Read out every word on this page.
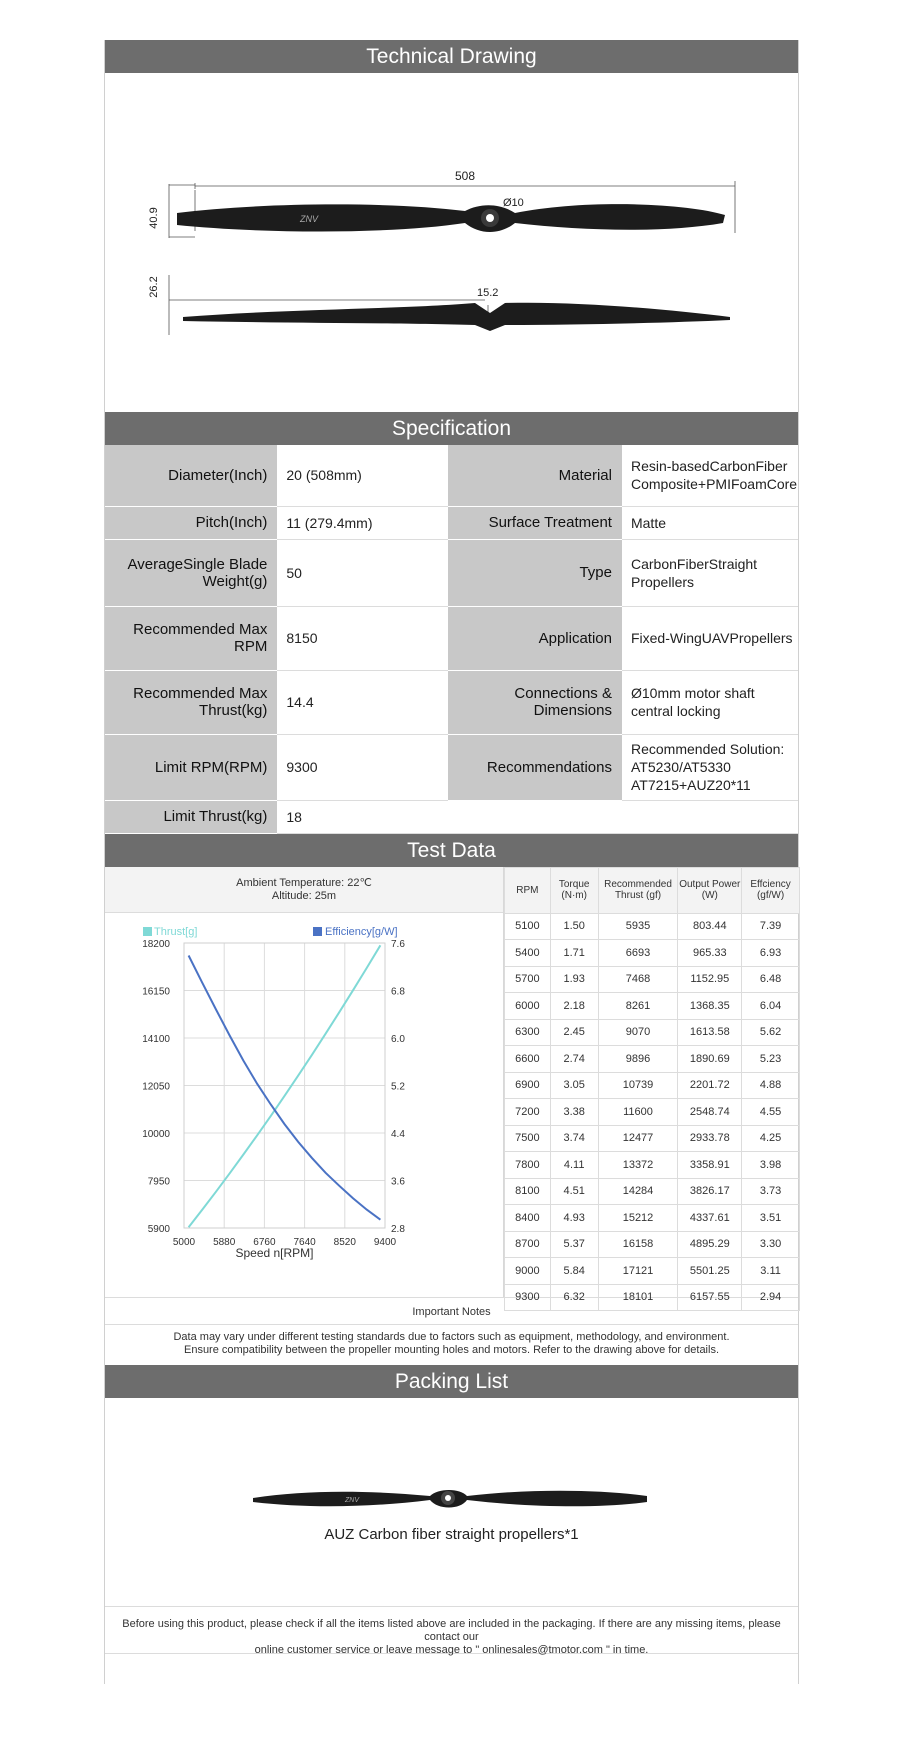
Technical Drawing
508
40.9
Ø10
ZNV
26.2	15.2
Specification
Diameter(Inch)	20 (508mm)	Material	Resin-basedCarbonFiber Composite+PMIFoamCore
Pitch(Inch)	11 (279.4mm)	Surface Treatment	Matte
AverageSingle Blade Weight(g)	50	Type	CarbonFiberStraight Propellers
Recommended Max RPM	8150	Application	Fixed-WingUAVPropellers
Recommended Max Thrust(kg)	14.4	Connections & Dimensions	Ø10mm motor shaft central locking
Limit RPM(RPM)	9300	Recommendations	Recommended Solution: AT5230/AT5330 AT7215+AUZ20*11
Limit Thrust(kg)	18		
Test Data
Ambient Temperature: 22℃
Altitude: 25m
5000 5880 6760 7640 8520 9400
5900
7950
10000
12050
14100
16150
18200
2.8
3.6
4.4
5.2
6.0
6.8
7.6
Thrust[g]	Efficiency[g/W]
Speed n[RPM]
RPM	Torque (N·m)	Recommended Thrust (gf)	Output Power (W)	Effciency (gf/W)
5100	1.50	5935	803.44	7.39
5400	1.71	6693	965.33	6.93
5700	1.93	7468	1152.95	6.48
6000	2.18	8261	1368.35	6.04
6300	2.45	9070	1613.58	5.62
6600	2.74	9896	1890.69	5.23
6900	3.05	10739	2201.72	4.88
7200	3.38	11600	2548.74	4.55
7500	3.74	12477	2933.78	4.25
7800	4.11	13372	3358.91	3.98
8100	4.51	14284	3826.17	3.73
8400	4.93	15212	4337.61	3.51
8700	5.37	16158	4895.29	3.30
9000	5.84	17121	5501.25	3.11
9300	6.32	18101	6157.55	2.94
Important Notes
Data may vary under different testing standards due to factors such as equipment, methodology, and environment.
Ensure compatibility between the propeller mounting holes and motors. Refer to the drawing above for details.
Packing List
ZNV
AUZ Carbon fiber straight propellers*1
Before using this product, please check if all the items listed above are included in the packaging. If there are any missing items, please contact our
online customer service or leave message to " onlinesales@tmotor.com " in time.
